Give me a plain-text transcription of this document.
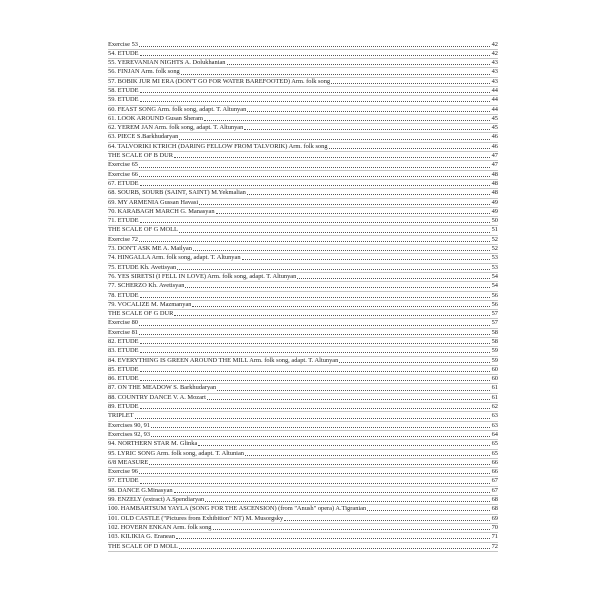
Exercise 53	42
54. ETUDE	42
55. YEREVANIAN NIGHTS A. Dolukhanian	43
56. FINJAN Arm. folk song	43
57. BOBIK JUR MI ERA (DON'T GO FOR WATER BAREFOOTED) Arm. folk song	43
58. ETUDE	44
59. ETUDE	44
60. FEAST SONG Arm. folk song, adapt. T. Altunyan	44
61. LOOK AROUND Gusan Sheram	45
62. YEREM JAN Arm. folk song, adapt. T. Altunyan	45
63. PIECE S.Barkhudaryan	46
64. TALVORIKI KTRICH (DARING FELLOW FROM TALVORIK) Arm. folk song	46
THE SCALE OF B DUR	47
Exercise 65	47
Exercise 66	48
67. ETUDE	48
68. SOURB, SOURB (SAINT, SAINT) M.Yekmalian	48
69. MY ARMENIA Gussan Havasi	49
70. KARABAGH MARCH G. Manasyan	49
71. ETUDE	50
THE SCALE OF G MOLL	51
Exercise 72	52
73. DON'T ASK ME A. Mailyan	52
74. HINGALLA Arm. folk song, adapt. T. Altunyan	53
75. ETUDE Kh. Avetisyan	53
76. YES SIRETSI (I FELL IN LOVE) Arm. folk song, adapt. T. Altunyan	54
77. SCHERZO Kh. Avetisyan	54
78. ETUDE	56
79. VOCALIZE M. Mazmanyan	56
THE SCALE OF G DUR	57
Exercise 80	57
Exercise 81	58
82. ETUDE	58
83. ETUDE	59
84. EVERYTHING IS GREEN AROUND THE MILL Arm. folk song, adapt. T. Altunyan	59
85. ETUDE	60
86. ETUDE	60
87. ON THE MEADOW S. Barkhudaryan	61
88. COUNTRY DANCE V. A. Mozart	61
89. ETUDE	62
TRIPLET	63
Exercises 90, 91	63
Exercises 92, 93	64
94. NORTHERN STAR M. Glinka	65
95. LYRIC SONG Arm. folk song, adapt. T. Altunian	65
6/8 MEASURE	66
Exercise 96	66
97. ETUDE	67
98. DANCE G.Minasyan	67
99. ENZELY (extract) A.Spendiaryan	68
100. HAMBARTSUM YAYLA (SONG FOR THE ASCENSION) (from "Anush" opera) A.Tigranian	68
101. OLD CASTLE ("Pictures from Exhibition" NT) M. Musorgsky	69
102. HOVERN ENKAN Arm. folk song	70
103. KILIKIA G. Eranean	71
THE SCALE OF D MOLL	72
